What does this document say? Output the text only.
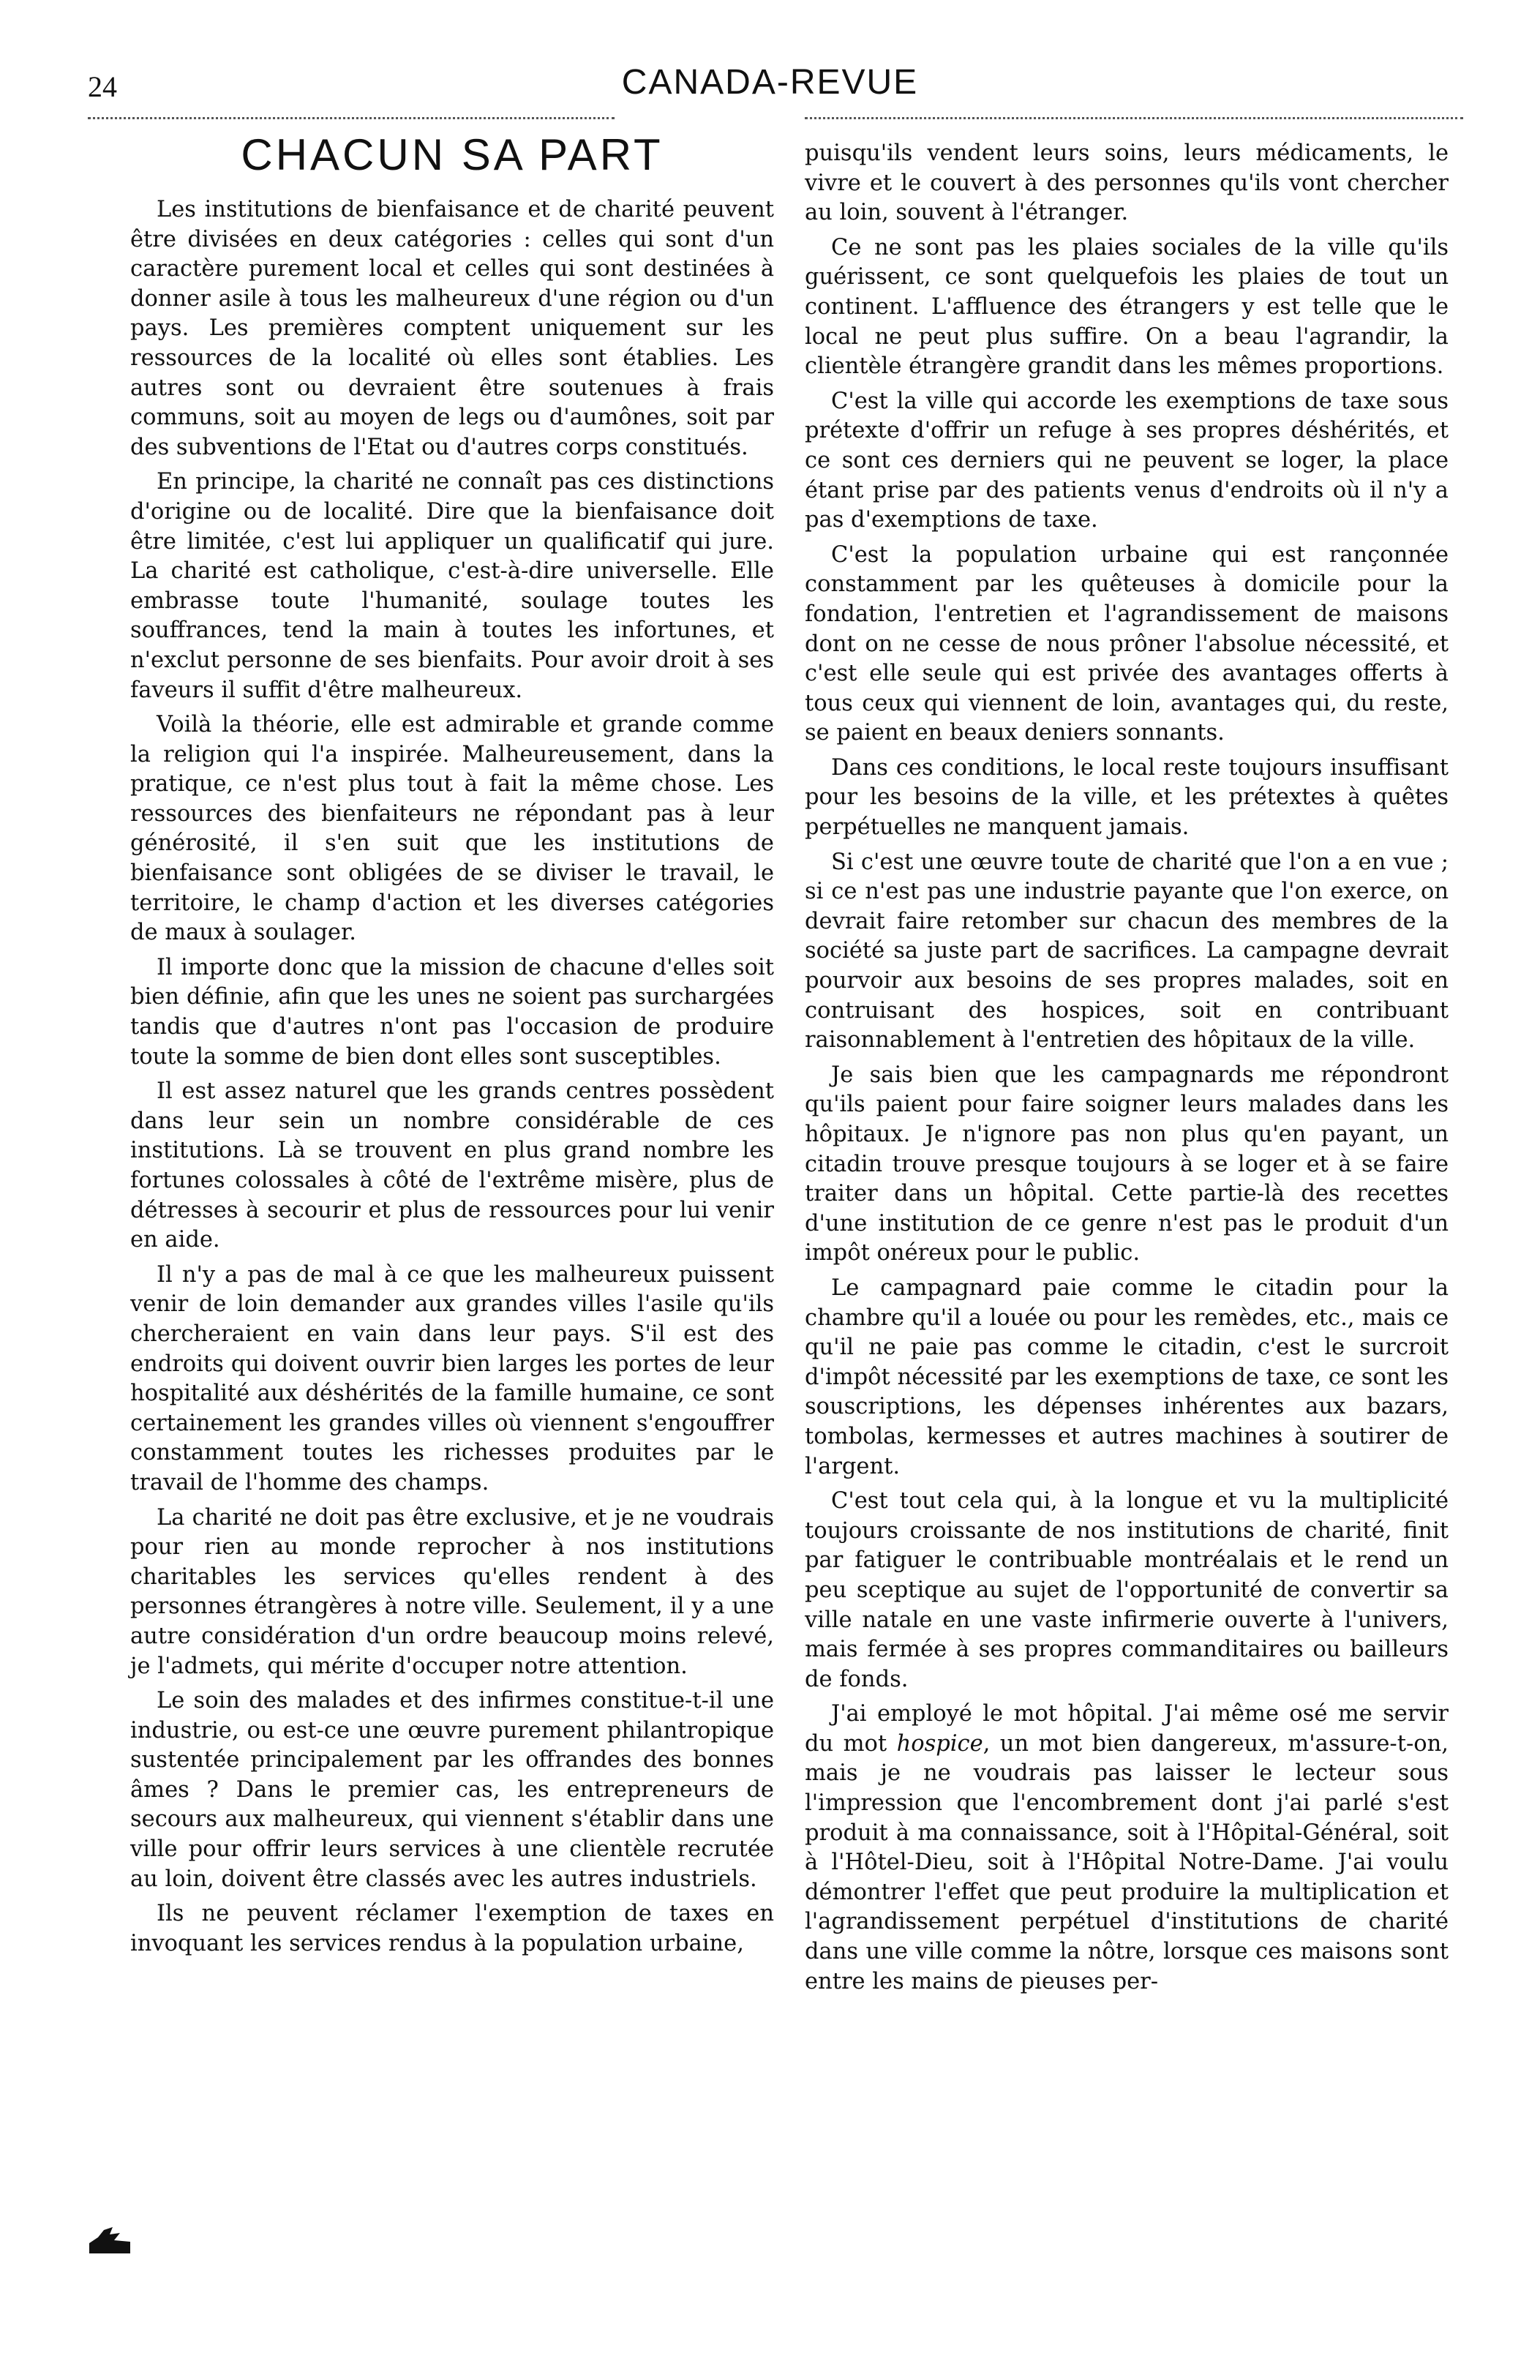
24	CANADA-REVUE
CHACUN SA PART

Les institutions de bienfaisance et de charité peuvent être divisées en deux catégories : celles qui sont d'un caractère purement local et celles qui sont destinées à donner asile à tous les malheureux d'une région ou d'un pays. Les premières comptent uniquement sur les ressources de la localité où elles sont établies. Les autres sont ou devraient être soutenues à frais communs, soit au moyen de legs ou d'aumônes, soit par des subventions de l'Etat ou d'autres corps constitués.

En principe, la charité ne connaît pas ces distinctions d'origine ou de localité. Dire que la bienfaisance doit être limitée, c'est lui appliquer un qualificatif qui jure. La charité est catholique, c'est-à-dire universelle. Elle embrasse toute l'humanité, soulage toutes les souffrances, tend la main à toutes les infortunes, et n'exclut personne de ses bienfaits. Pour avoir droit à ses faveurs il suffit d'être malheureux.

Voilà la théorie, elle est admirable et grande comme la religion qui l'a inspirée. Malheureusement, dans la pratique, ce n'est plus tout à fait la même chose. Les ressources des bienfaiteurs ne répondant pas à leur générosité, il s'en suit que les institutions de bienfaisance sont obligées de se diviser le travail, le territoire, le champ d'action et les diverses catégories de maux à soulager.

Il importe donc que la mission de chacune d'elles soit bien définie, afin que les unes ne soient pas surchargées tandis que d'autres n'ont pas l'occasion de produire toute la somme de bien dont elles sont susceptibles.

Il est assez naturel que les grands centres possèdent dans leur sein un nombre considérable de ces institutions. Là se trouvent en plus grand nombre les fortunes colossales à côté de l'extrême misère, plus de détresses à secourir et plus de ressources pour lui venir en aide.

Il n'y a pas de mal à ce que les malheureux puissent venir de loin demander aux grandes villes l'asile qu'ils chercheraient en vain dans leur pays. S'il est des endroits qui doivent ouvrir bien larges les portes de leur hospitalité aux déshérités de la famille humaine, ce sont certainement les grandes villes où viennent s'engouffrer constamment toutes les richesses produites par le travail de l'homme des champs.

La charité ne doit pas être exclusive, et je ne voudrais pour rien au monde reprocher à nos institutions charitables les services qu'elles rendent à des personnes étrangères à notre ville. Seulement, il y a une autre considération d'un ordre beaucoup moins relevé, je l'admets, qui mérite d'occuper notre attention.

Le soin des malades et des infirmes constitue-t-il une industrie, ou est-ce une œuvre purement philantropique sustentée principalement par les offrandes des bonnes âmes ? Dans le premier cas, les entrepreneurs de secours aux malheureux, qui viennent s'établir dans une ville pour offrir leurs services à une clientèle recrutée au loin, doivent être classés avec les autres industriels.

Ils ne peuvent réclamer l'exemption de taxes en invoquant les services rendus à la population urbaine,

puisqu'ils vendent leurs soins, leurs médicaments, le vivre et le couvert à des personnes qu'ils vont chercher au loin, souvent à l'étranger.

Ce ne sont pas les plaies sociales de la ville qu'ils guérissent, ce sont quelquefois les plaies de tout un continent. L'affluence des étrangers y est telle que le local ne peut plus suffire. On a beau l'agrandir, la clientèle étrangère grandit dans les mêmes proportions.

C'est la ville qui accorde les exemptions de taxe sous prétexte d'offrir un refuge à ses propres déshérités, et ce sont ces derniers qui ne peuvent se loger, la place étant prise par des patients venus d'endroits où il n'y a pas d'exemptions de taxe.

C'est la population urbaine qui est rançonnée constamment par les quêteuses à domicile pour la fondation, l'entretien et l'agrandissement de maisons dont on ne cesse de nous prôner l'absolue nécessité, et c'est elle seule qui est privée des avantages offerts à tous ceux qui viennent de loin, avantages qui, du reste, se paient en beaux deniers sonnants.

Dans ces conditions, le local reste toujours insuffisant pour les besoins de la ville, et les prétextes à quêtes perpétuelles ne manquent jamais.

Si c'est une œuvre toute de charité que l'on a en vue ; si ce n'est pas une industrie payante que l'on exerce, on devrait faire retomber sur chacun des membres de la société sa juste part de sacrifices. La campagne devrait pourvoir aux besoins de ses propres malades, soit en contruisant des hospices, soit en contribuant raisonnablement à l'entretien des hôpitaux de la ville.

Je sais bien que les campagnards me répondront qu'ils paient pour faire soigner leurs malades dans les hôpitaux. Je n'ignore pas non plus qu'en payant, un citadin trouve presque toujours à se loger et à se faire traiter dans un hôpital. Cette partie-là des recettes d'une institution de ce genre n'est pas le produit d'un impôt onéreux pour le public.

Le campagnard paie comme le citadin pour la chambre qu'il a louée ou pour les remèdes, etc., mais ce qu'il ne paie pas comme le citadin, c'est le surcroit d'impôt nécessité par les exemptions de taxe, ce sont les souscriptions, les dépenses inhérentes aux bazars, tombolas, kermesses et autres machines à soutirer de l'argent.

C'est tout cela qui, à la longue et vu la multiplicité toujours croissante de nos institutions de charité, finit par fatiguer le contribuable montréalais et le rend un peu sceptique au sujet de l'opportunité de convertir sa ville natale en une vaste infirmerie ouverte à l'univers, mais fermée à ses propres commanditaires ou bailleurs de fonds.

J'ai employé le mot hôpital. J'ai même osé me servir du mot hospice, un mot bien dangereux, m'assure-t-on, mais je ne voudrais pas laisser le lecteur sous l'impression que l'encombrement dont j'ai parlé s'est produit à ma connaissance, soit à l'Hôpital-Général, soit à l'Hôtel-Dieu, soit à l'Hôpital Notre-Dame. J'ai voulu démontrer l'effet que peut produire la multiplication et l'agrandissement perpétuel d'institutions de charité dans une ville comme la nôtre, lorsque ces maisons sont entre les mains de pieuses per-
